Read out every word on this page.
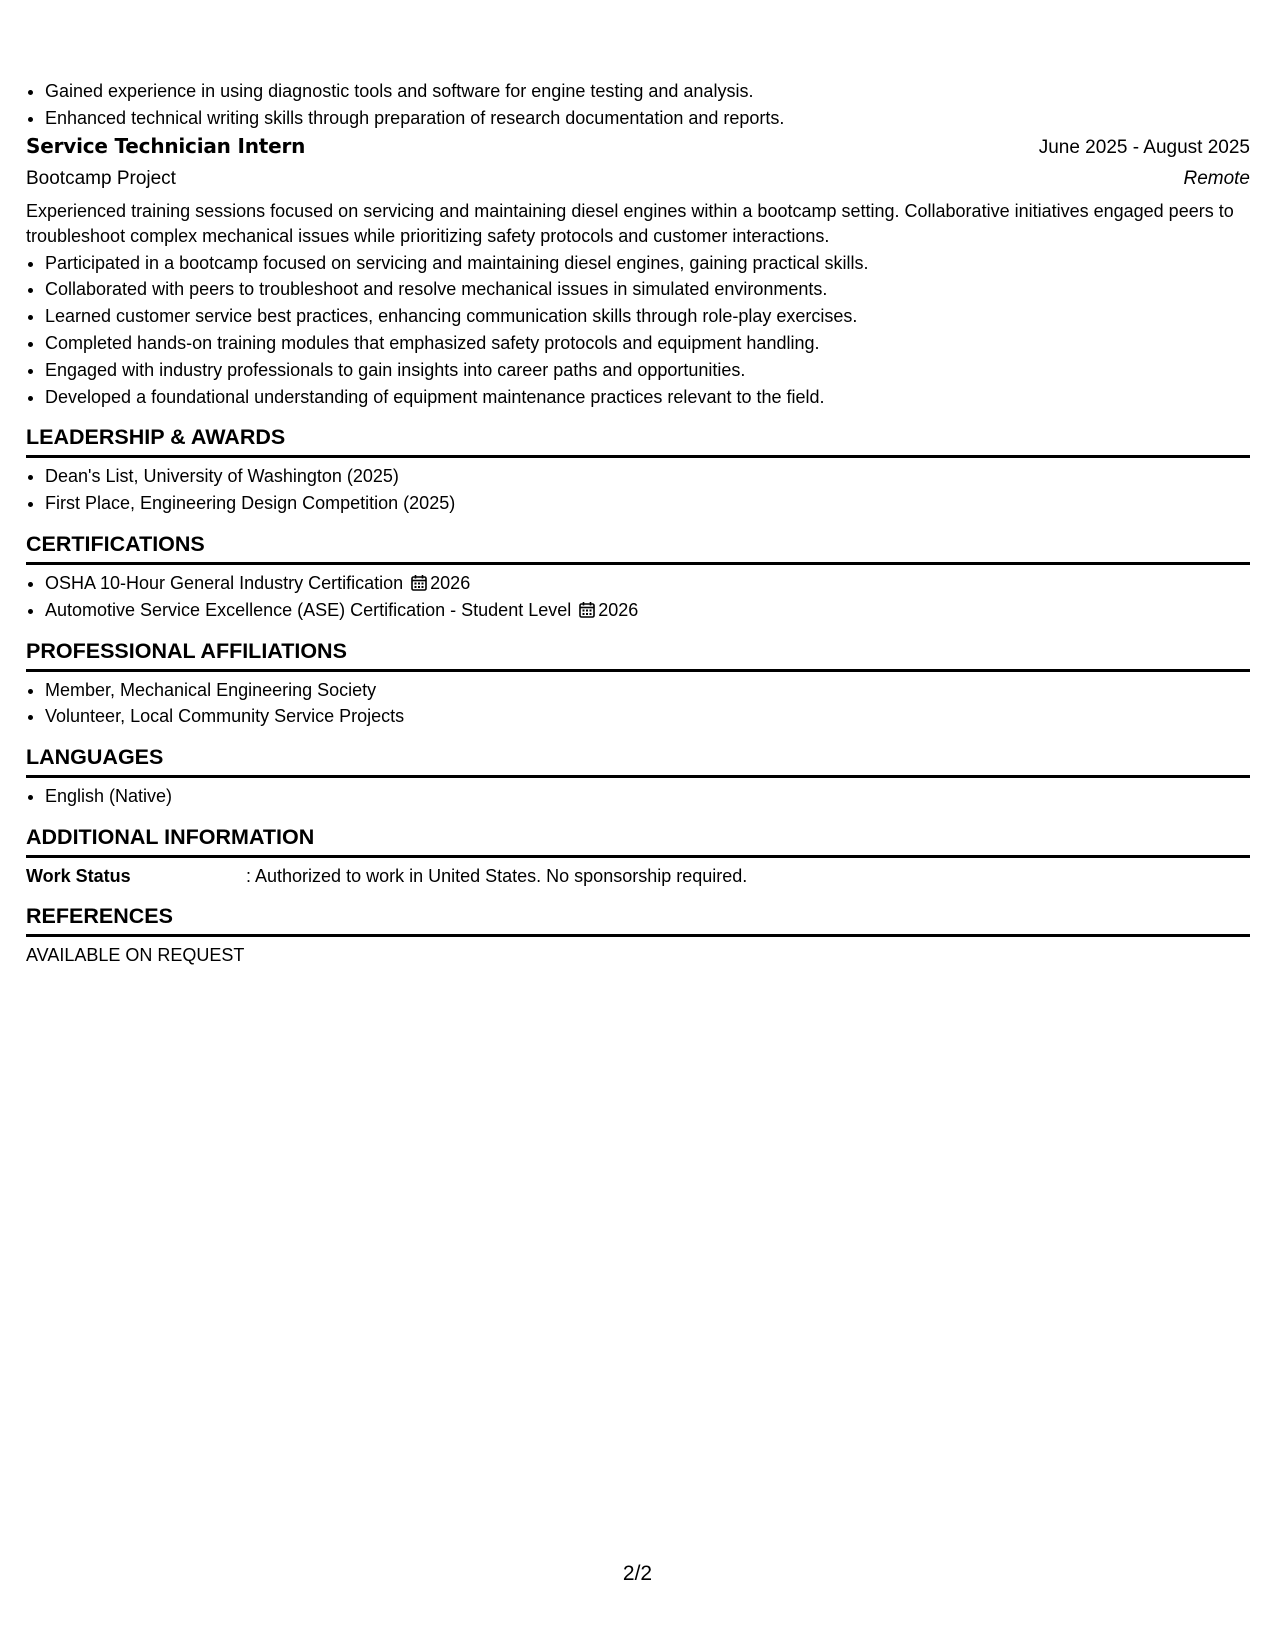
• Gained experience in using diagnostic tools and software for engine testing and analysis.
• Enhanced technical writing skills through preparation of research documentation and reports.
Service Technician Intern	June 2025 - August 2025
Bootcamp Project	Remote
Experienced training sessions focused on servicing and maintaining diesel engines within a bootcamp setting. Collaborative initiatives engaged peers to troubleshoot complex mechanical issues while prioritizing safety protocols and customer interactions.
• Participated in a bootcamp focused on servicing and maintaining diesel engines, gaining practical skills.
• Collaborated with peers to troubleshoot and resolve mechanical issues in simulated environments.
• Learned customer service best practices, enhancing communication skills through role-play exercises.
• Completed hands-on training modules that emphasized safety protocols and equipment handling.
• Engaged with industry professionals to gain insights into career paths and opportunities.
• Developed a foundational understanding of equipment maintenance practices relevant to the field.
LEADERSHIP & AWARDS
• Dean's List, University of Washington (2025)
• First Place, Engineering Design Competition (2025)
CERTIFICATIONS
• OSHA 10-Hour General Industry Certification 2026
• Automotive Service Excellence (ASE) Certification - Student Level 2026
PROFESSIONAL AFFILIATIONS
• Member, Mechanical Engineering Society
• Volunteer, Local Community Service Projects
LANGUAGES
• English (Native)
ADDITIONAL INFORMATION
Work Status	: Authorized to work in United States. No sponsorship required.
REFERENCES
AVAILABLE ON REQUEST
2/2
